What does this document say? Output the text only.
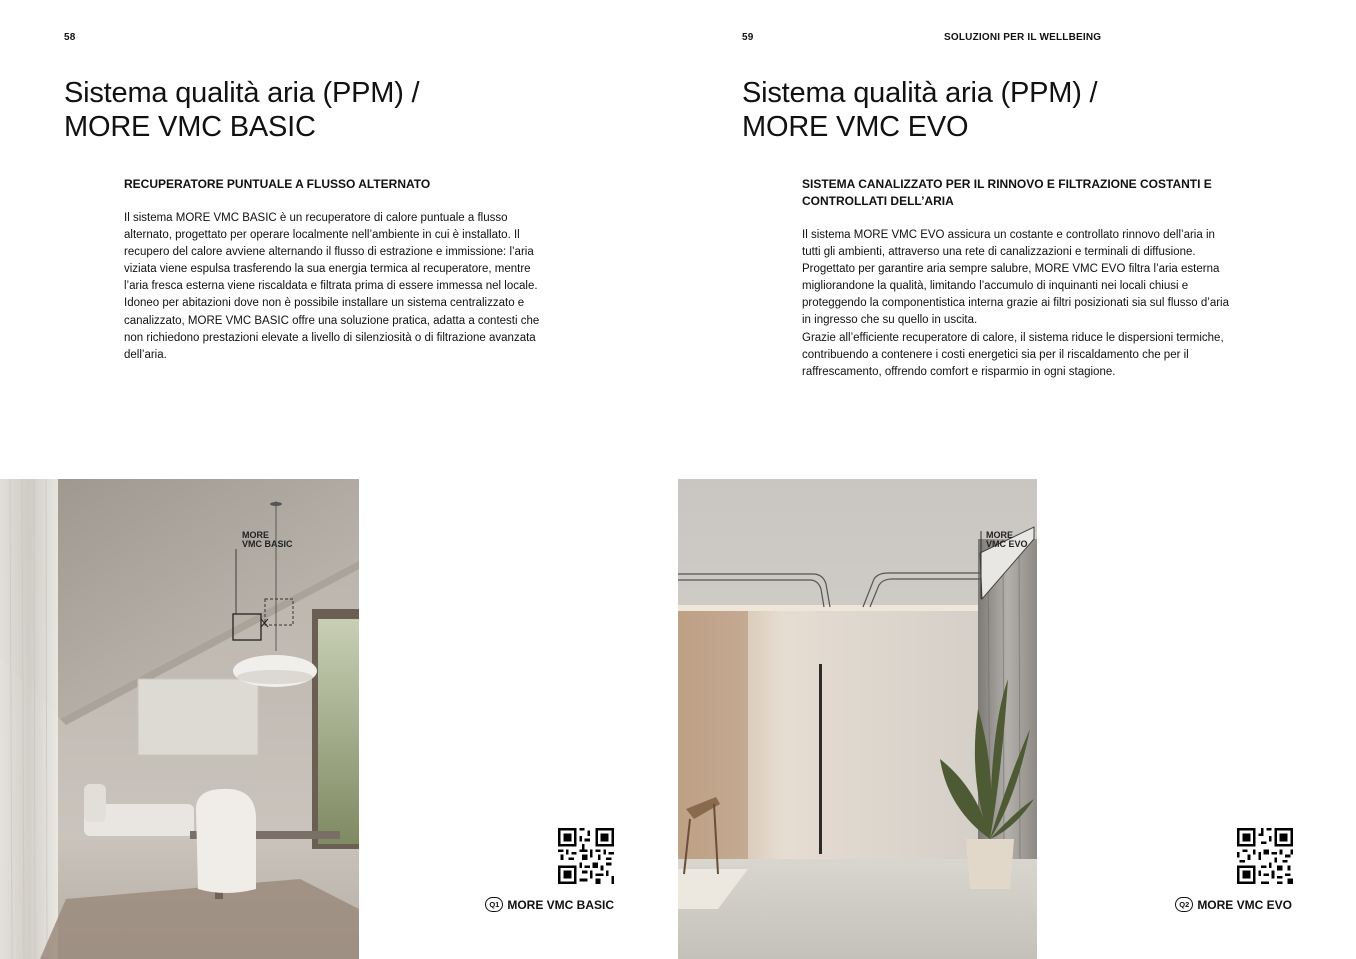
58
Sistema qualità aria (PPM) /
MORE VMC BASIC
RECUPERATORE PUNTUALE A FLUSSO ALTERNATO

Il sistema MORE VMC BASIC è un recuperatore di calore puntuale a flusso alternato, progettato per operare localmente nell’ambiente in cui è installato. Il recupero del calore avviene alternando il flusso di estrazione e immissione: l’aria viziata viene espulsa trasferendo la sua energia termica al recuperatore, mentre l’aria fresca esterna viene riscaldata e filtrata prima di essere immessa nel locale.

Idoneo per abitazioni dove non è possibile installare un sistema centralizzato e canalizzato, MORE VMC BASIC offre una soluzione pratica, adatta a contesti che non richiedono prestazioni elevate a livello di silenziosità o di filtrazione avanzata dell’aria.

MORE
VMC BASIC
Q1 MORE VMC BASIC
59	SOLUZIONI PER IL WELLBEING
Sistema qualità aria (PPM) /
MORE VMC EVO
SISTEMA CANALIZZATO PER IL RINNOVO E FILTRAZIONE COSTANTI E CONTROLLATI DELL’ARIA

Il sistema MORE VMC EVO assicura un costante e controllato rinnovo dell’aria in tutti gli ambienti, attraverso una rete di canalizzazioni e terminali di diffusione. Progettato per garantire aria sempre salubre, MORE VMC EVO filtra l’aria esterna migliorandone la qualità, limitando l’accumulo di inquinanti nei locali chiusi e proteggendo la componentistica interna grazie ai filtri posizionati sia sul flusso d’aria in ingresso che su quello in uscita.

Grazie all’efficiente recuperatore di calore, il sistema riduce le dispersioni termiche, contribuendo a contenere i costi energetici sia per il riscaldamento che per il raffrescamento, offrendo comfort e risparmio in ogni stagione.

MORE
VMC EVO
Q2 MORE VMC EVO
